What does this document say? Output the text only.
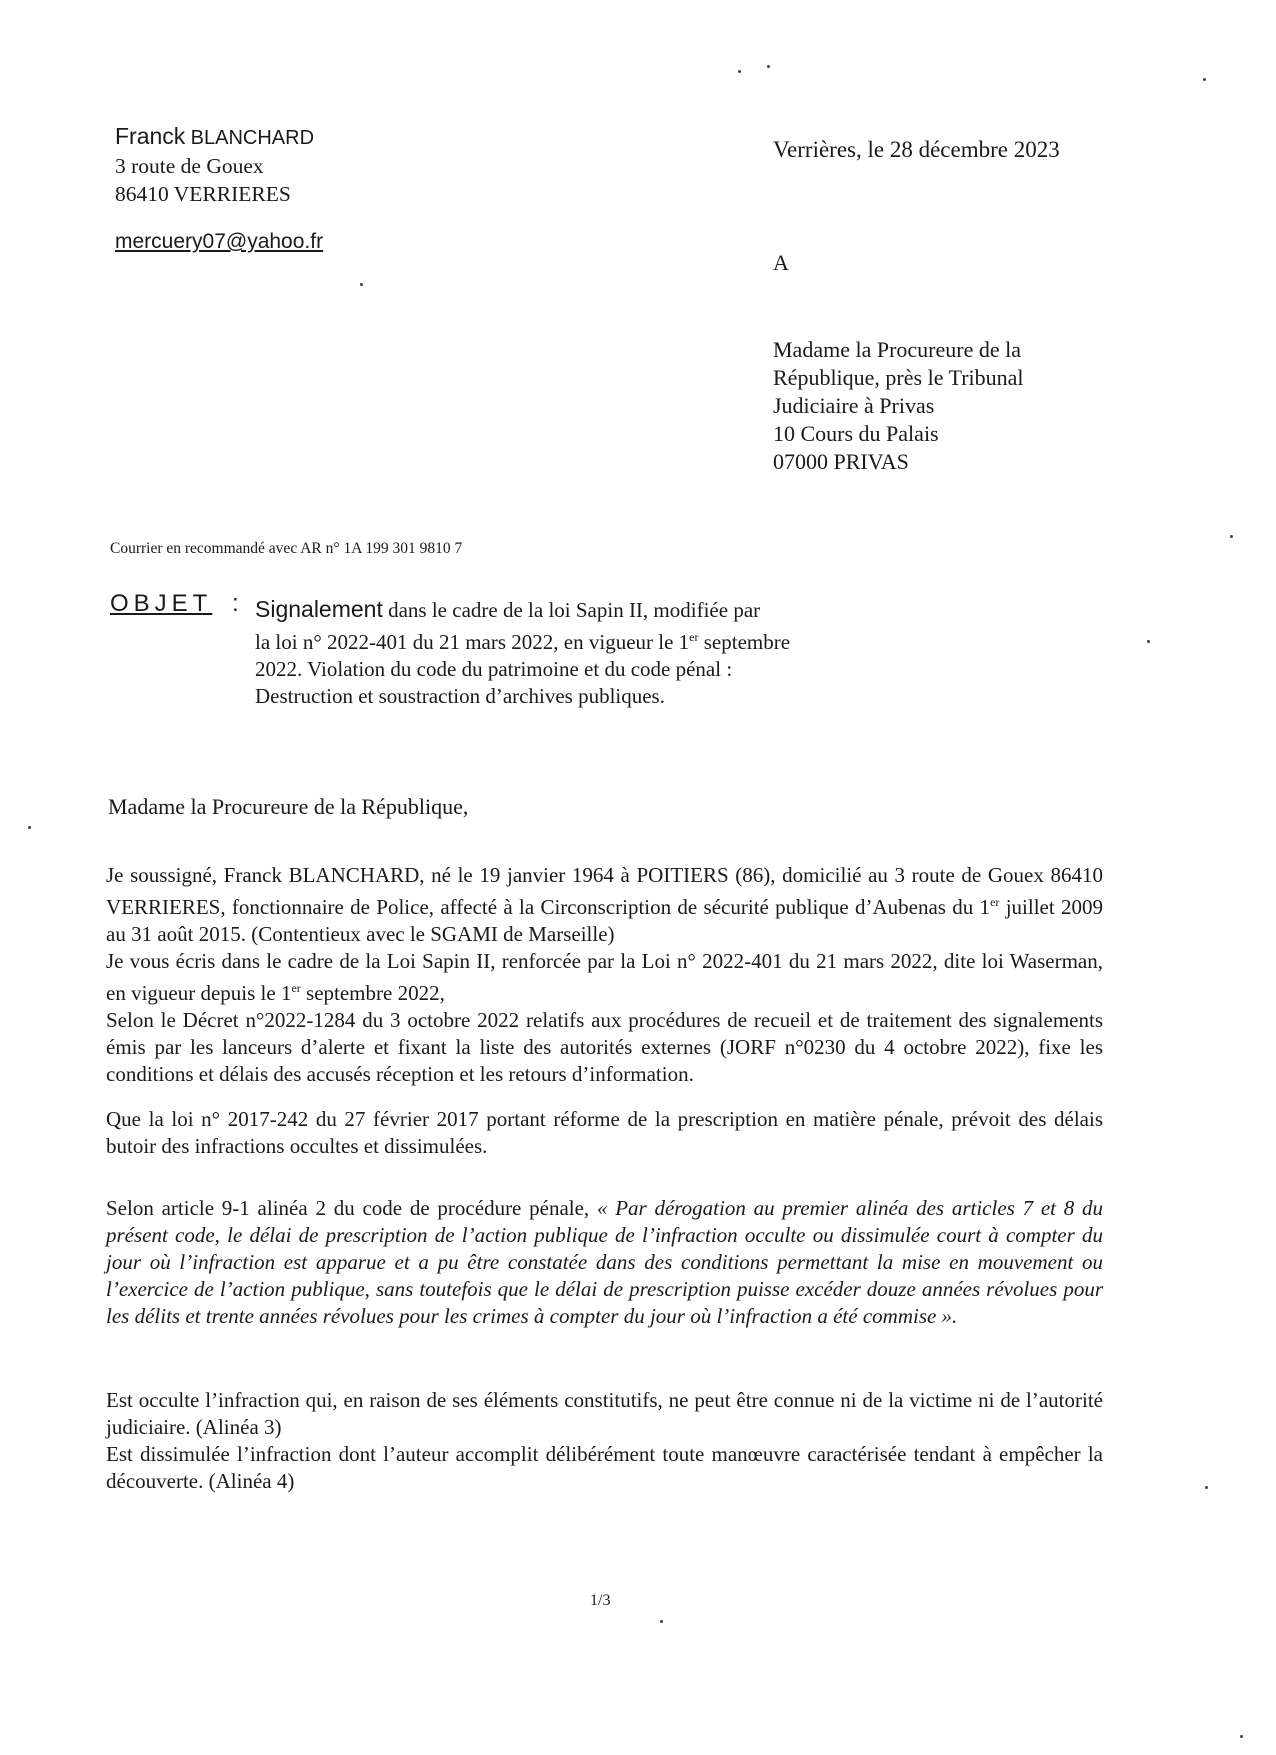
Franck BLANCHARD
3 route de Gouex
86410 VERRIERES
mercuery07@yahoo.fr
Verrières, le 28 décembre 2023
A
Madame la Procureure de la
République, près le Tribunal
Judiciaire à Privas
10 Cours du Palais
07000 PRIVAS
Courrier en recommandé avec AR n° 1A 199 301 9810 7
OBJET : Signalement dans le cadre de la loi Sapin II, modifiée par
la loi n° 2022-401 du 21 mars 2022, en vigueur le 1er septembre
2022. Violation du code du patrimoine et du code pénal :
Destruction et soustraction d’archives publiques.
Madame la Procureure de la République,

Je soussigné, Franck BLANCHARD, né le 19 janvier 1964 à POITIERS (86), domicilié au 3 route de Gouex 86410 VERRIERES, fonctionnaire de Police, affecté à la Circonscription de sécurité publique d’Aubenas du 1er juillet 2009 au 31 août 2015. (Contentieux avec le SGAMI de Marseille)

Je vous écris dans le cadre de la Loi Sapin II, renforcée par la Loi n° 2022-401 du 21 mars 2022, dite loi Waserman, en vigueur depuis le 1er septembre 2022,

Selon le Décret n°2022-1284 du 3 octobre 2022 relatifs aux procédures de recueil et de traitement des signalements émis par les lanceurs d’alerte et fixant la liste des autorités externes (JORF n°0230 du 4 octobre 2022), fixe les conditions et délais des accusés réception et les retours d’information.

Que la loi n° 2017-242 du 27 février 2017 portant réforme de la prescription en matière pénale, prévoit des délais butoir des infractions occultes et dissimulées.

Selon article 9-1 alinéa 2 du code de procédure pénale, « Par dérogation au premier alinéa des articles 7 et 8 du présent code, le délai de prescription de l’action publique de l’infraction occulte ou dissimulée court à compter du jour où l’infraction est apparue et a pu être constatée dans des conditions permettant la mise en mouvement ou l’exercice de l’action publique, sans toutefois que le délai de prescription puisse excéder douze années révolues pour les délits et trente années révolues pour les crimes à compter du jour où l’infraction a été commise ».

Est occulte l’infraction qui, en raison de ses éléments constitutifs, ne peut être connue ni de la victime ni de l’autorité judiciaire. (Alinéa 3)

Est dissimulée l’infraction dont l’auteur accomplit délibérément toute manœuvre caractérisée tendant à empêcher la découverte. (Alinéa 4)

1/3
